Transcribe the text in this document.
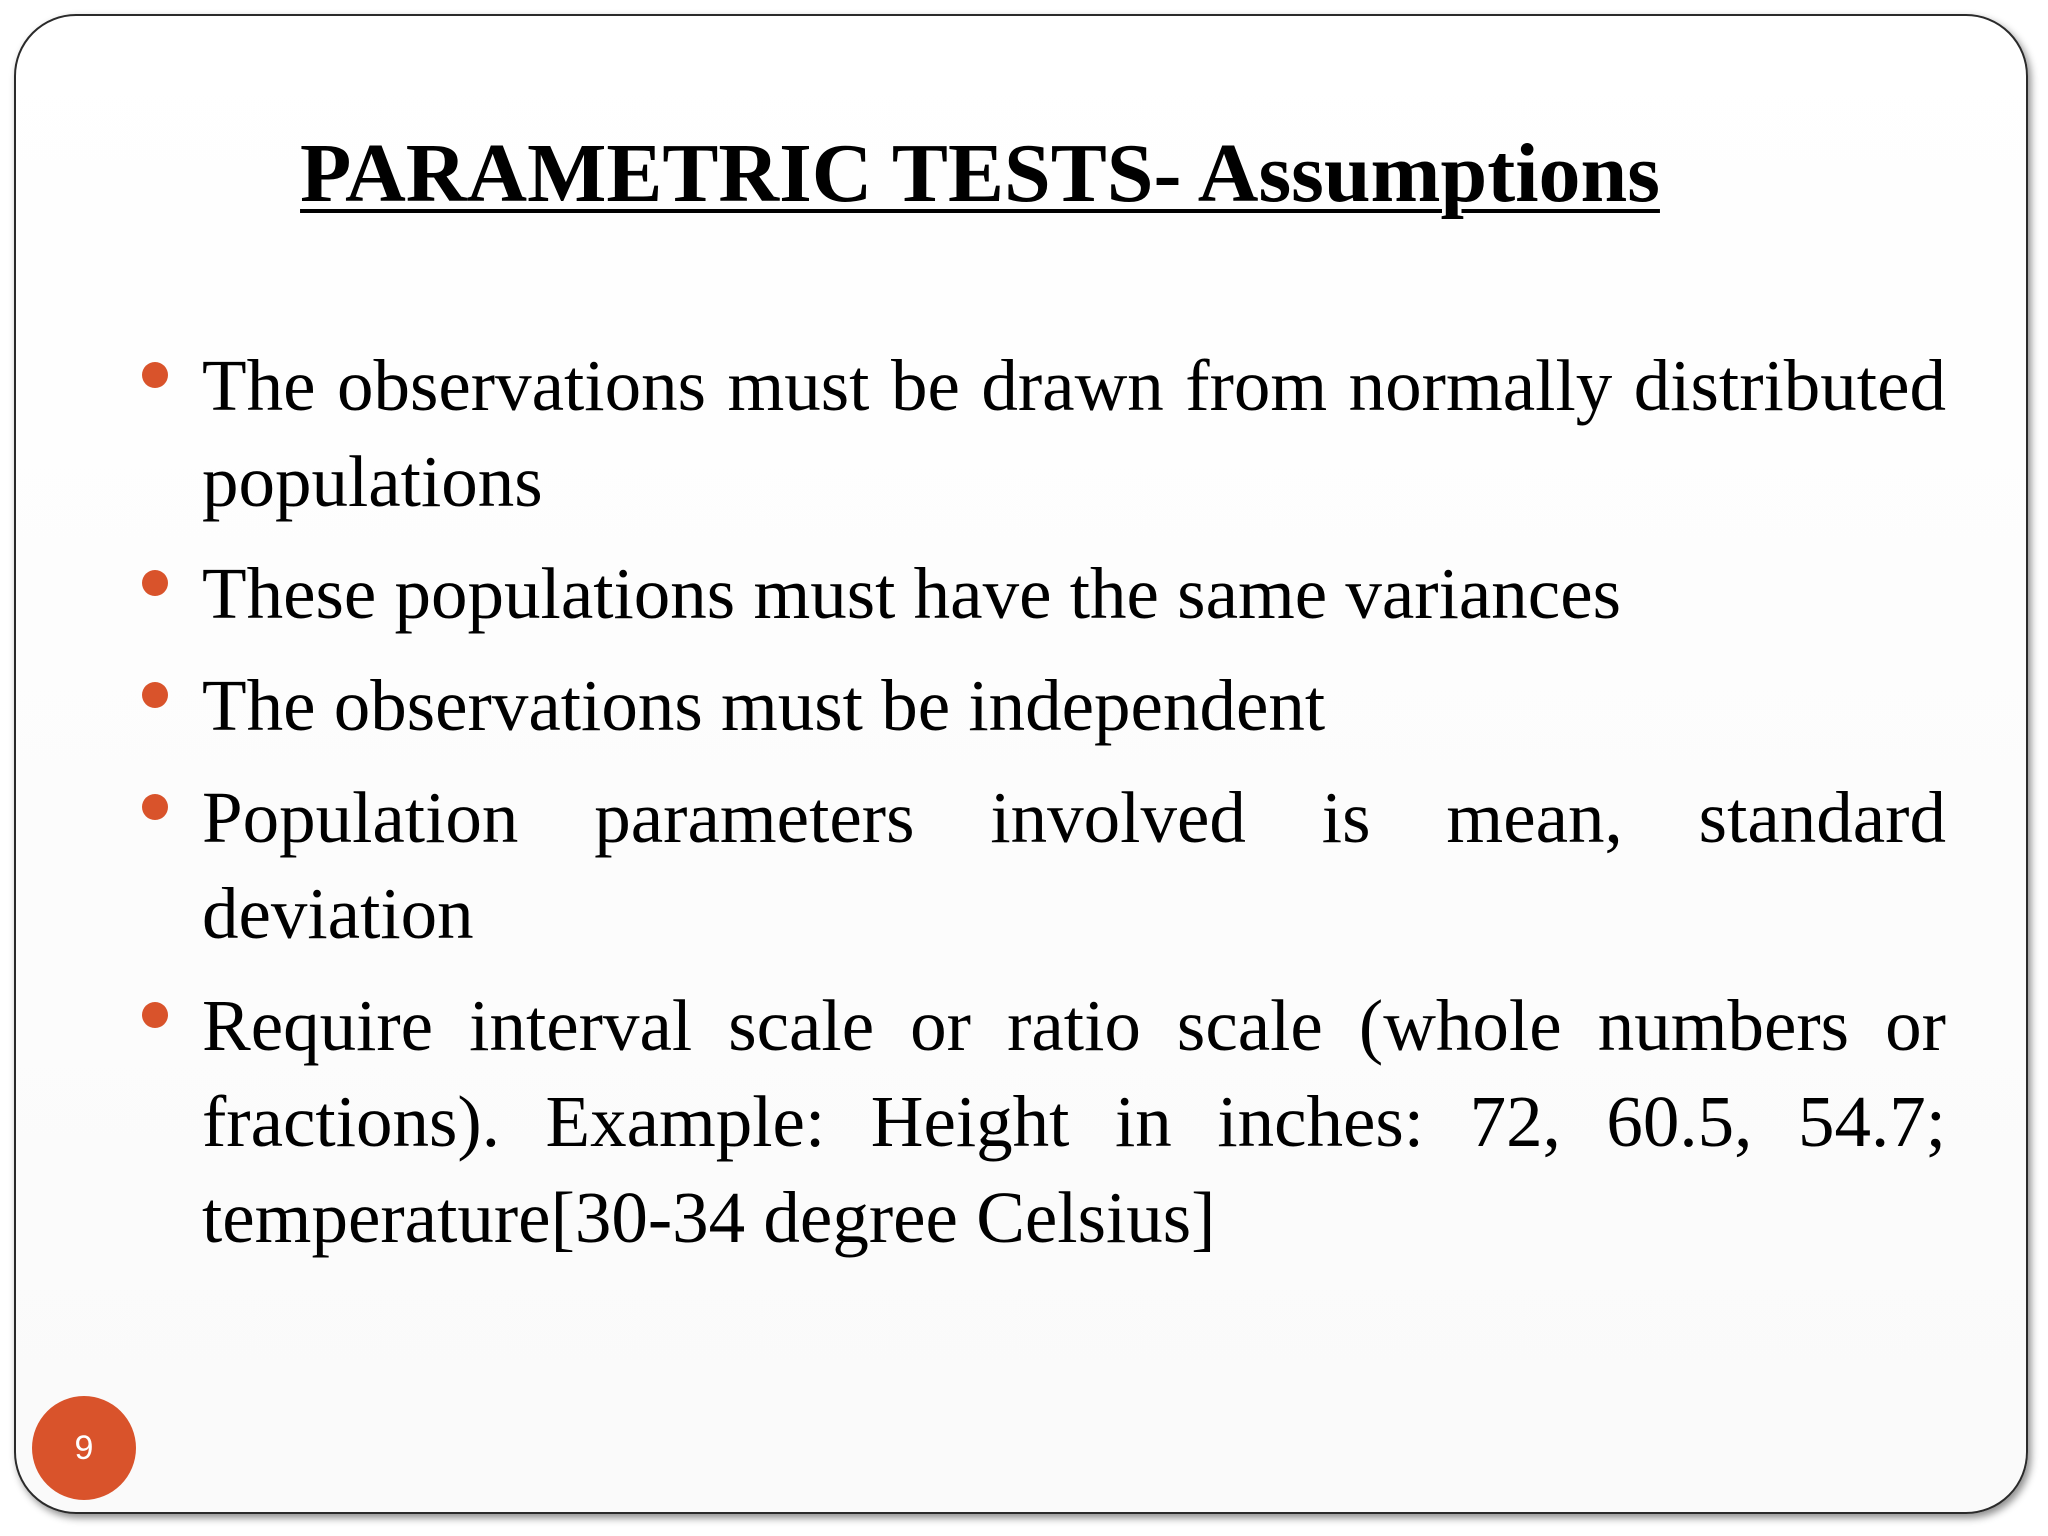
PARAMETRIC TESTS- Assumptions
The observations must be drawn from normally distributed populations
These populations must have the same variances
The observations must be independent
Population parameters involved is mean, standard deviation
Require interval scale or ratio scale (whole numbers or fractions). Example: Height in inches: 72, 60.5, 54.7; temperature[30-34 degree Celsius]
9
